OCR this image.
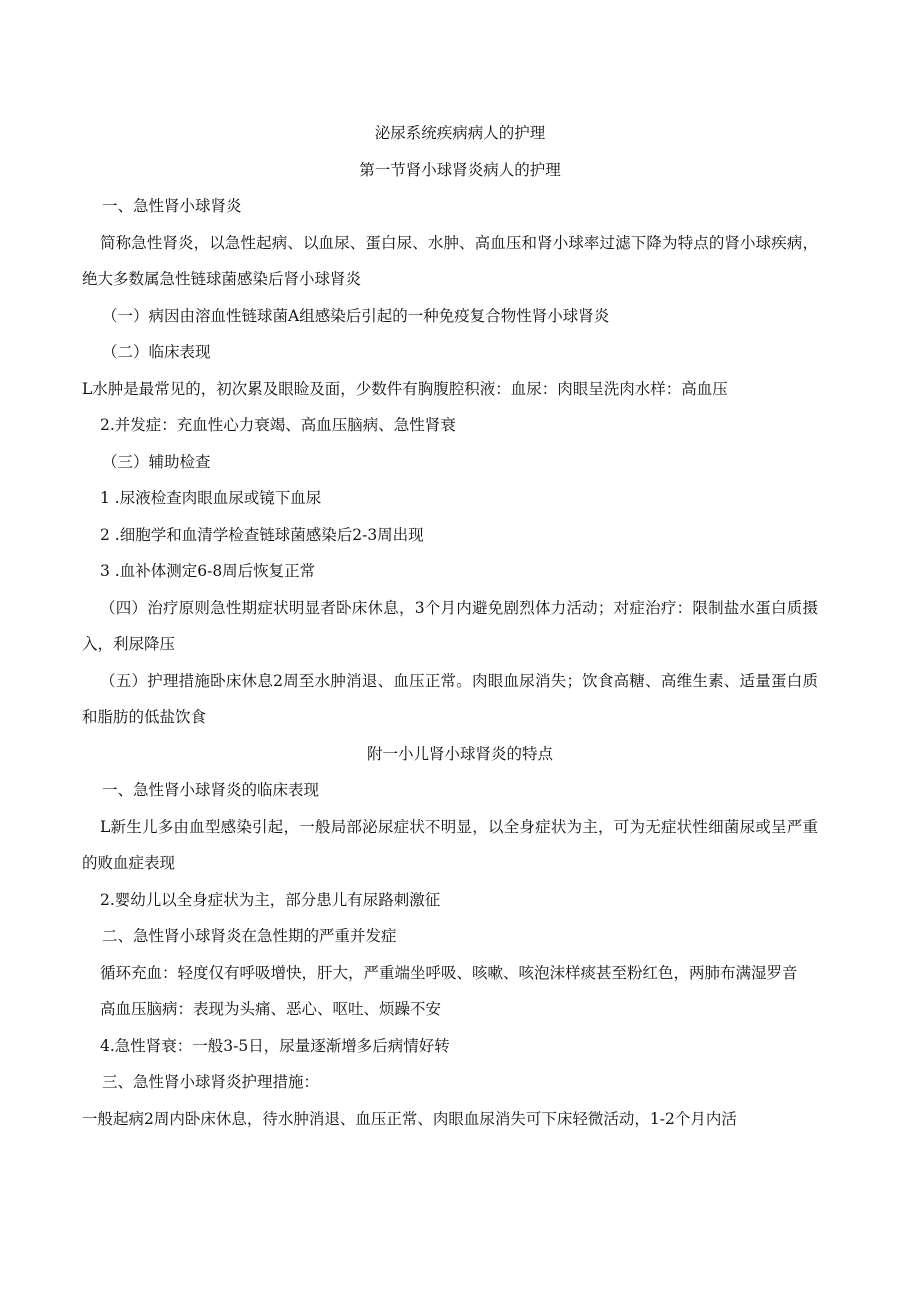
泌尿系统疾病病人的护理
第一节肾小球肾炎病人的护理
一、急性肾小球肾炎
简称急性肾炎，以急性起病、以血尿、蛋白尿、水肿、高血压和肾小球率过滤下降为特点的肾小球疾病，绝大多数属急性链球菌感染后肾小球肾炎
（一）病因由溶血性链球菌A组感染后引起的一种免疫复合物性肾小球肾炎
（二）临床表现
L水肿是最常见的，初次累及眼睑及面，少数件有胸腹腔积液：血尿：肉眼呈洗肉水样：高血压
2.并发症：充血性心力衰竭、高血压脑病、急性肾衰
（三）辅助检查
1 .尿液检查肉眼血尿或镜下血尿
2 .细胞学和血清学检查链球菌感染后2-3周出现
3 .血补体测定6-8周后恢复正常
（四）治疗原则急性期症状明显者卧床休息，3个月内避免剧烈体力活动；对症治疗：限制盐水蛋白质摄入，利尿降压
（五）护理措施卧床休息2周至水肿消退、血压正常。肉眼血尿消失；饮食高糖、高维生素、适量蛋白质和脂肪的低盐饮食
附一小儿肾小球肾炎的特点
一、急性肾小球肾炎的临床表现
L新生儿多由血型感染引起，一般局部泌尿症状不明显，以全身症状为主，可为无症状性细菌尿或呈严重的败血症表现
2.婴幼儿以全身症状为主，部分患儿有尿路刺激征
二、急性肾小球肾炎在急性期的严重并发症
循环充血：轻度仅有呼吸增快，肝大，严重端坐呼吸、咳嗽、咳泡沫样痰甚至粉红色，两肺布满湿罗音
高血压脑病：表现为头痛、恶心、呕吐、烦躁不安
4.急性肾衰：一般3-5日，尿量逐渐增多后病情好转
三、急性肾小球肾炎护理措施：
一般起病2周内卧床休息，待水肿消退、血压正常、肉眼血尿消失可下床轻微活动，1-2个月内活
